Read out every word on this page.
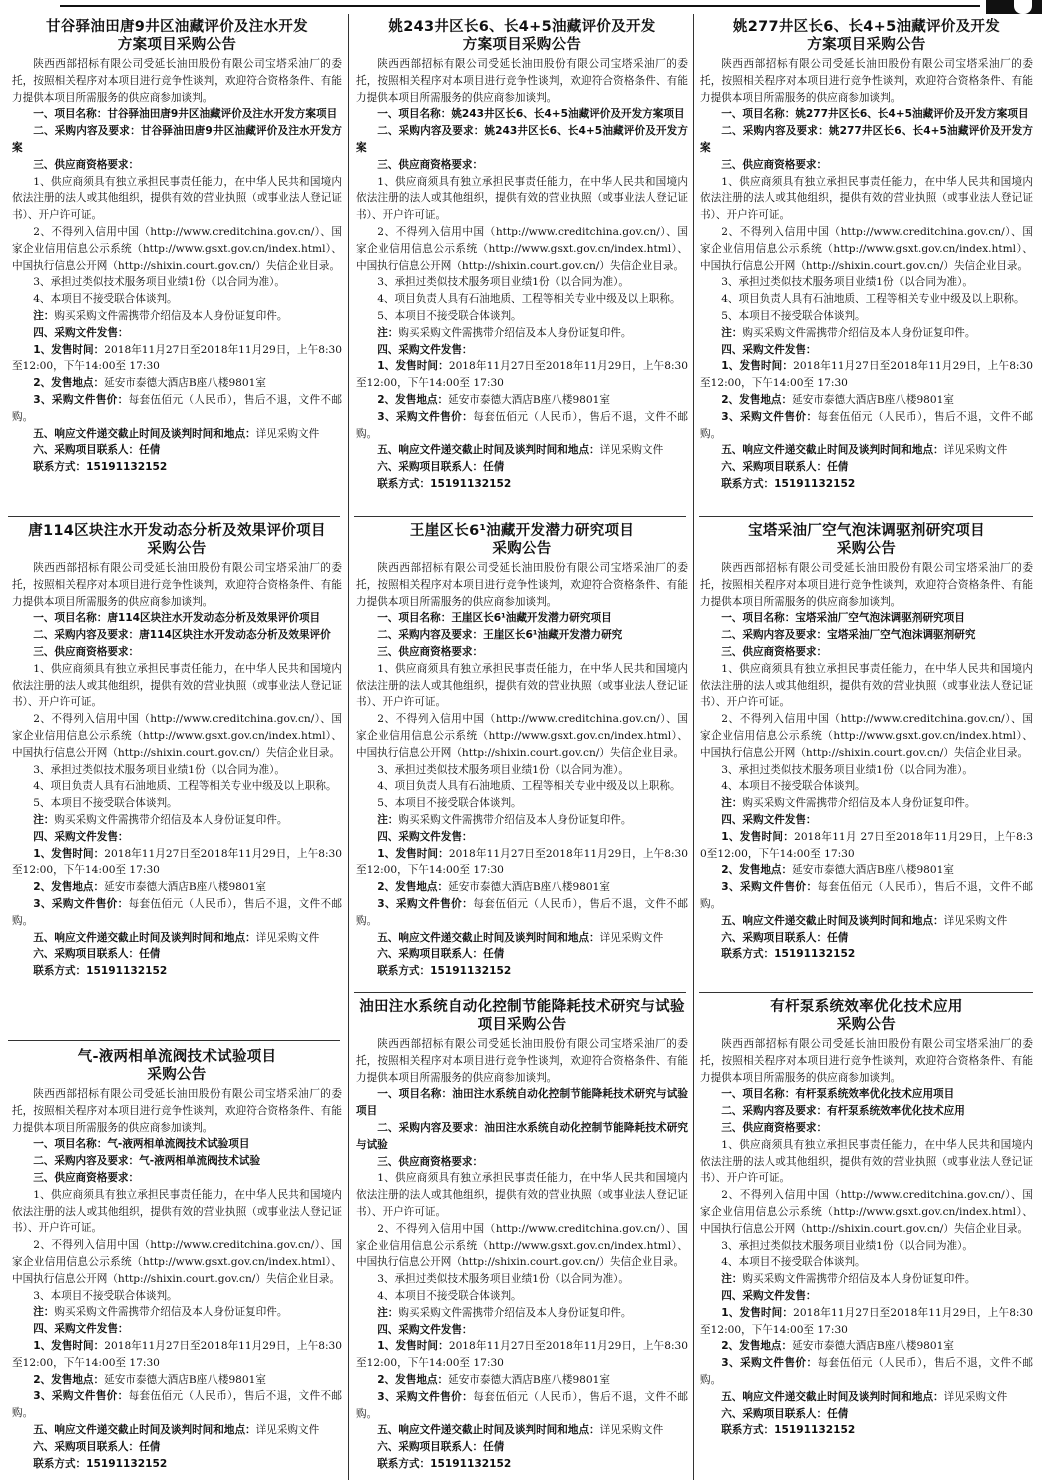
甘谷驿油田唐9井区油藏评价及注水开发
方案项目采购公告

陕西西部招标有限公司受延长油田股份有限公司宝塔采油厂的委托，按照相关程序对本项目进行竞争性谈判，欢迎符合资格条件、有能力提供本项目所需服务的供应商参加谈判。

一、项目名称：甘谷驿油田唐9井区油藏评价及注水开发方案项目

二、采购内容及要求：甘谷驿油田唐9井区油藏评价及注水开发方案

三、供应商资格要求：

1、供应商须具有独立承担民事责任能力，在中华人民共和国境内依法注册的法人或其他组织，提供有效的营业执照（或事业法人登记证书）、开户许可证。

2、不得列入信用中国（http://www.creditchina.gov.cn/）、国家企业信用信息公示系统（http://www.gsxt.gov.cn/index.html）、中国执行信息公开网（http://shixin.court.gov.cn/）失信企业目录。

3、承担过类似技术服务项目业绩1份（以合同为准）。

4、本项目不接受联合体谈判。

注：购买采购文件需携带介绍信及本人身份证复印件。

四、采购文件发售：

1、发售时间：2018年11月27日至2018年11月29日，上午8:30至12:00，下午14:00至 17:30

2、发售地点：延安市泰德大酒店B座八楼9801室

3、采购文件售价：每套伍佰元（人民币），售后不退，文件不邮购。

五、响应文件递交截止时间及谈判时间和地点：详见采购文件

六、采购项目联系人：任倩

联系方式：15191132152

姚243井区长6、长4+5油藏评价及开发
方案项目采购公告

陕西西部招标有限公司受延长油田股份有限公司宝塔采油厂的委托，按照相关程序对本项目进行竞争性谈判，欢迎符合资格条件、有能力提供本项目所需服务的供应商参加谈判。

一、项目名称：姚243井区长6、长4+5油藏评价及开发方案项目

二、采购内容及要求：姚243井区长6、长4+5油藏评价及开发方案

三、供应商资格要求：

1、供应商须具有独立承担民事责任能力，在中华人民共和国境内依法注册的法人或其他组织，提供有效的营业执照（或事业法人登记证书）、开户许可证。

2、不得列入信用中国（http://www.creditchina.gov.cn/）、国家企业信用信息公示系统（http://www.gsxt.gov.cn/index.html）、中国执行信息公开网（http://shixin.court.gov.cn/）失信企业目录。

3、承担过类似技术服务项目业绩1份（以合同为准）。

4、项目负责人具有石油地质、工程等相关专业中级及以上职称。

5、本项目不接受联合体谈判。

注：购买采购文件需携带介绍信及本人身份证复印件。

四、采购文件发售：

1、发售时间：2018年11月27日至2018年11月29日，上午8:30至12:00，下午14:00至 17:30

2、发售地点：延安市泰德大酒店B座八楼9801室

3、采购文件售价：每套伍佰元（人民币），售后不退，文件不邮购。

五、响应文件递交截止时间及谈判时间和地点：详见采购文件

六、采购项目联系人：任倩

联系方式：15191132152

姚277井区长6、长4+5油藏评价及开发
方案项目采购公告

陕西西部招标有限公司受延长油田股份有限公司宝塔采油厂的委托，按照相关程序对本项目进行竞争性谈判，欢迎符合资格条件、有能力提供本项目所需服务的供应商参加谈判。

一、项目名称：姚277井区长6、长4+5油藏评价及开发方案项目

二、采购内容及要求：姚277井区长6、长4+5油藏评价及开发方案

三、供应商资格要求：

1、供应商须具有独立承担民事责任能力，在中华人民共和国境内依法注册的法人或其他组织，提供有效的营业执照（或事业法人登记证书）、开户许可证。

2、不得列入信用中国（http://www.creditchina.gov.cn/）、国家企业信用信息公示系统（http://www.gsxt.gov.cn/index.html）、中国执行信息公开网（http://shixin.court.gov.cn/）失信企业目录。

3、承担过类似技术服务项目业绩1份（以合同为准）。

4、项目负责人具有石油地质、工程等相关专业中级及以上职称。

5、本项目不接受联合体谈判。

注：购买采购文件需携带介绍信及本人身份证复印件。

四、采购文件发售：

1、发售时间：2018年11月27日至2018年11月29日，上午8:30至12:00，下午14:00至 17:30

2、发售地点：延安市泰德大酒店B座八楼9801室

3、采购文件售价：每套伍佰元（人民币），售后不退，文件不邮购。

五、响应文件递交截止时间及谈判时间和地点：详见采购文件

六、采购项目联系人：任倩

联系方式：15191132152

唐114区块注水开发动态分析及效果评价项目
采购公告

陕西西部招标有限公司受延长油田股份有限公司宝塔采油厂的委托，按照相关程序对本项目进行竞争性谈判，欢迎符合资格条件、有能力提供本项目所需服务的供应商参加谈判。

一、项目名称：唐114区块注水开发动态分析及效果评价项目

二、采购内容及要求：唐114区块注水开发动态分析及效果评价

三、供应商资格要求：

1、供应商须具有独立承担民事责任能力，在中华人民共和国境内依法注册的法人或其他组织，提供有效的营业执照（或事业法人登记证书）、开户许可证。

2、不得列入信用中国（http://www.creditchina.gov.cn/）、国家企业信用信息公示系统（http://www.gsxt.gov.cn/index.html）、中国执行信息公开网（http://shixin.court.gov.cn/）失信企业目录。

3、承担过类似技术服务项目业绩1份（以合同为准）。

4、项目负责人具有石油地质、工程等相关专业中级及以上职称。

5、本项目不接受联合体谈判。

注：购买采购文件需携带介绍信及本人身份证复印件。

四、采购文件发售：

1、发售时间：2018年11月27日至2018年11月29日，上午8:30至12:00，下午14:00至 17:30

2、发售地点：延安市泰德大酒店B座八楼9801室

3、采购文件售价：每套伍佰元（人民币），售后不退，文件不邮购。

五、响应文件递交截止时间及谈判时间和地点：详见采购文件

六、采购项目联系人：任倩

联系方式：15191132152

王崖区长6¹油藏开发潜力研究项目
采购公告

陕西西部招标有限公司受延长油田股份有限公司宝塔采油厂的委托，按照相关程序对本项目进行竞争性谈判，欢迎符合资格条件、有能力提供本项目所需服务的供应商参加谈判。

一、项目名称：王崖区长6¹油藏开发潜力研究项目

二、采购内容及要求：王崖区长6¹油藏开发潜力研究

三、供应商资格要求：

1、供应商须具有独立承担民事责任能力，在中华人民共和国境内依法注册的法人或其他组织，提供有效的营业执照（或事业法人登记证书）、开户许可证。

2、不得列入信用中国（http://www.creditchina.gov.cn/）、国家企业信用信息公示系统（http://www.gsxt.gov.cn/index.html）、中国执行信息公开网（http://shixin.court.gov.cn/）失信企业目录。

3、承担过类似技术服务项目业绩1份（以合同为准）。

4、项目负责人具有石油地质、工程等相关专业中级及以上职称。

5、本项目不接受联合体谈判。

注：购买采购文件需携带介绍信及本人身份证复印件。

四、采购文件发售：

1、发售时间：2018年11月27日至2018年11月29日，上午8:30至12:00，下午14:00至 17:30

2、发售地点：延安市泰德大酒店B座八楼9801室

3、采购文件售价：每套伍佰元（人民币），售后不退，文件不邮购。

五、响应文件递交截止时间及谈判时间和地点：详见采购文件

六、采购项目联系人：任倩

联系方式：15191132152

宝塔采油厂空气泡沫调驱剂研究项目
采购公告

陕西西部招标有限公司受延长油田股份有限公司宝塔采油厂的委托，按照相关程序对本项目进行竞争性谈判，欢迎符合资格条件、有能力提供本项目所需服务的供应商参加谈判。

一、项目名称：宝塔采油厂空气泡沫调驱剂研究项目

二、采购内容及要求：宝塔采油厂空气泡沫调驱剂研究

三、供应商资格要求：

1、供应商须具有独立承担民事责任能力，在中华人民共和国境内依法注册的法人或其他组织，提供有效的营业执照（或事业法人登记证书）、开户许可证。

2、不得列入信用中国（http://www.creditchina.gov.cn/）、国家企业信用信息公示系统（http://www.gsxt.gov.cn/index.html）、中国执行信息公开网（http://shixin.court.gov.cn/）失信企业目录。

3、承担过类似技术服务项目业绩1份（以合同为准）。

4、本项目不接受联合体谈判。

注：购买采购文件需携带介绍信及本人身份证复印件。

四、采购文件发售：

1、发售时间：2018年11月 27日至2018年11月29日，上午8:30至12:00，下午14:00至 17:30

2、发售地点：延安市泰德大酒店B座八楼9801室

3、采购文件售价：每套伍佰元（人民币），售后不退，文件不邮购。

五、响应文件递交截止时间及谈判时间和地点：详见采购文件

六、采购项目联系人：任倩

联系方式：15191132152

气-液两相单流阀技术试验项目
采购公告

陕西西部招标有限公司受延长油田股份有限公司宝塔采油厂的委托，按照相关程序对本项目进行竞争性谈判，欢迎符合资格条件、有能力提供本项目所需服务的供应商参加谈判。

一、项目名称：气-液两相单流阀技术试验项目

二、采购内容及要求：气-液两相单流阀技术试验

三、供应商资格要求：

1、供应商须具有独立承担民事责任能力，在中华人民共和国境内依法注册的法人或其他组织，提供有效的营业执照（或事业法人登记证书）、开户许可证。

2、不得列入信用中国（http://www.creditchina.gov.cn/）、国家企业信用信息公示系统（http://www.gsxt.gov.cn/index.html）、中国执行信息公开网（http://shixin.court.gov.cn/）失信企业目录。

3、本项目不接受联合体谈判。

注：购买采购文件需携带介绍信及本人身份证复印件。

四、采购文件发售：

1、发售时间：2018年11月27日至2018年11月29日，上午8:30至12:00，下午14:00至 17:30

2、发售地点：延安市泰德大酒店B座八楼9801室

3、采购文件售价：每套伍佰元（人民币），售后不退，文件不邮购。

五、响应文件递交截止时间及谈判时间和地点：详见采购文件

六、采购项目联系人：任倩

联系方式：15191132152

油田注水系统自动化控制节能降耗技术研究与试验
项目采购公告

陕西西部招标有限公司受延长油田股份有限公司宝塔采油厂的委托，按照相关程序对本项目进行竞争性谈判，欢迎符合资格条件、有能力提供本项目所需服务的供应商参加谈判。

一、项目名称：油田注水系统自动化控制节能降耗技术研究与试验项目

二、采购内容及要求：油田注水系统自动化控制节能降耗技术研究与试验

三、供应商资格要求：

1、供应商须具有独立承担民事责任能力，在中华人民共和国境内依法注册的法人或其他组织，提供有效的营业执照（或事业法人登记证书）、开户许可证。

2、不得列入信用中国（http://www.creditchina.gov.cn/）、国家企业信用信息公示系统（http://www.gsxt.gov.cn/index.html）、中国执行信息公开网（http://shixin.court.gov.cn/）失信企业目录。

3、承担过类似技术服务项目业绩1份（以合同为准）。

4、本项目不接受联合体谈判。

注：购买采购文件需携带介绍信及本人身份证复印件。

四、采购文件发售：

1、发售时间：2018年11月27日至2018年11月29日，上午8:30至12:00，下午14:00至 17:30

2、发售地点：延安市泰德大酒店B座八楼9801室

3、采购文件售价：每套伍佰元（人民币），售后不退，文件不邮购。

五、响应文件递交截止时间及谈判时间和地点：详见采购文件

六、采购项目联系人：任倩

联系方式：15191132152

有杆泵系统效率优化技术应用
采购公告

陕西西部招标有限公司受延长油田股份有限公司宝塔采油厂的委托，按照相关程序对本项目进行竞争性谈判，欢迎符合资格条件、有能力提供本项目所需服务的供应商参加谈判。

一、项目名称：有杆泵系统效率优化技术应用项目

二、采购内容及要求：有杆泵系统效率优化技术应用

三、供应商资格要求：

1、供应商须具有独立承担民事责任能力，在中华人民共和国境内依法注册的法人或其他组织，提供有效的营业执照（或事业法人登记证书）、开户许可证。

2、不得列入信用中国（http://www.creditchina.gov.cn/）、国家企业信用信息公示系统（http://www.gsxt.gov.cn/index.html）、中国执行信息公开网（http://shixin.court.gov.cn/）失信企业目录。

3、承担过类似技术服务项目业绩1份（以合同为准）。

4、本项目不接受联合体谈判。

注：购买采购文件需携带介绍信及本人身份证复印件。

四、采购文件发售：

1、发售时间：2018年11月27日至2018年11月29日，上午8:30至12:00，下午14:00至 17:30

2、发售地点：延安市泰德大酒店B座八楼9801室

3、采购文件售价：每套伍佰元（人民币），售后不退，文件不邮购。

五、响应文件递交截止时间及谈判时间和地点：详见采购文件

六、采购项目联系人：任倩

联系方式：15191132152
